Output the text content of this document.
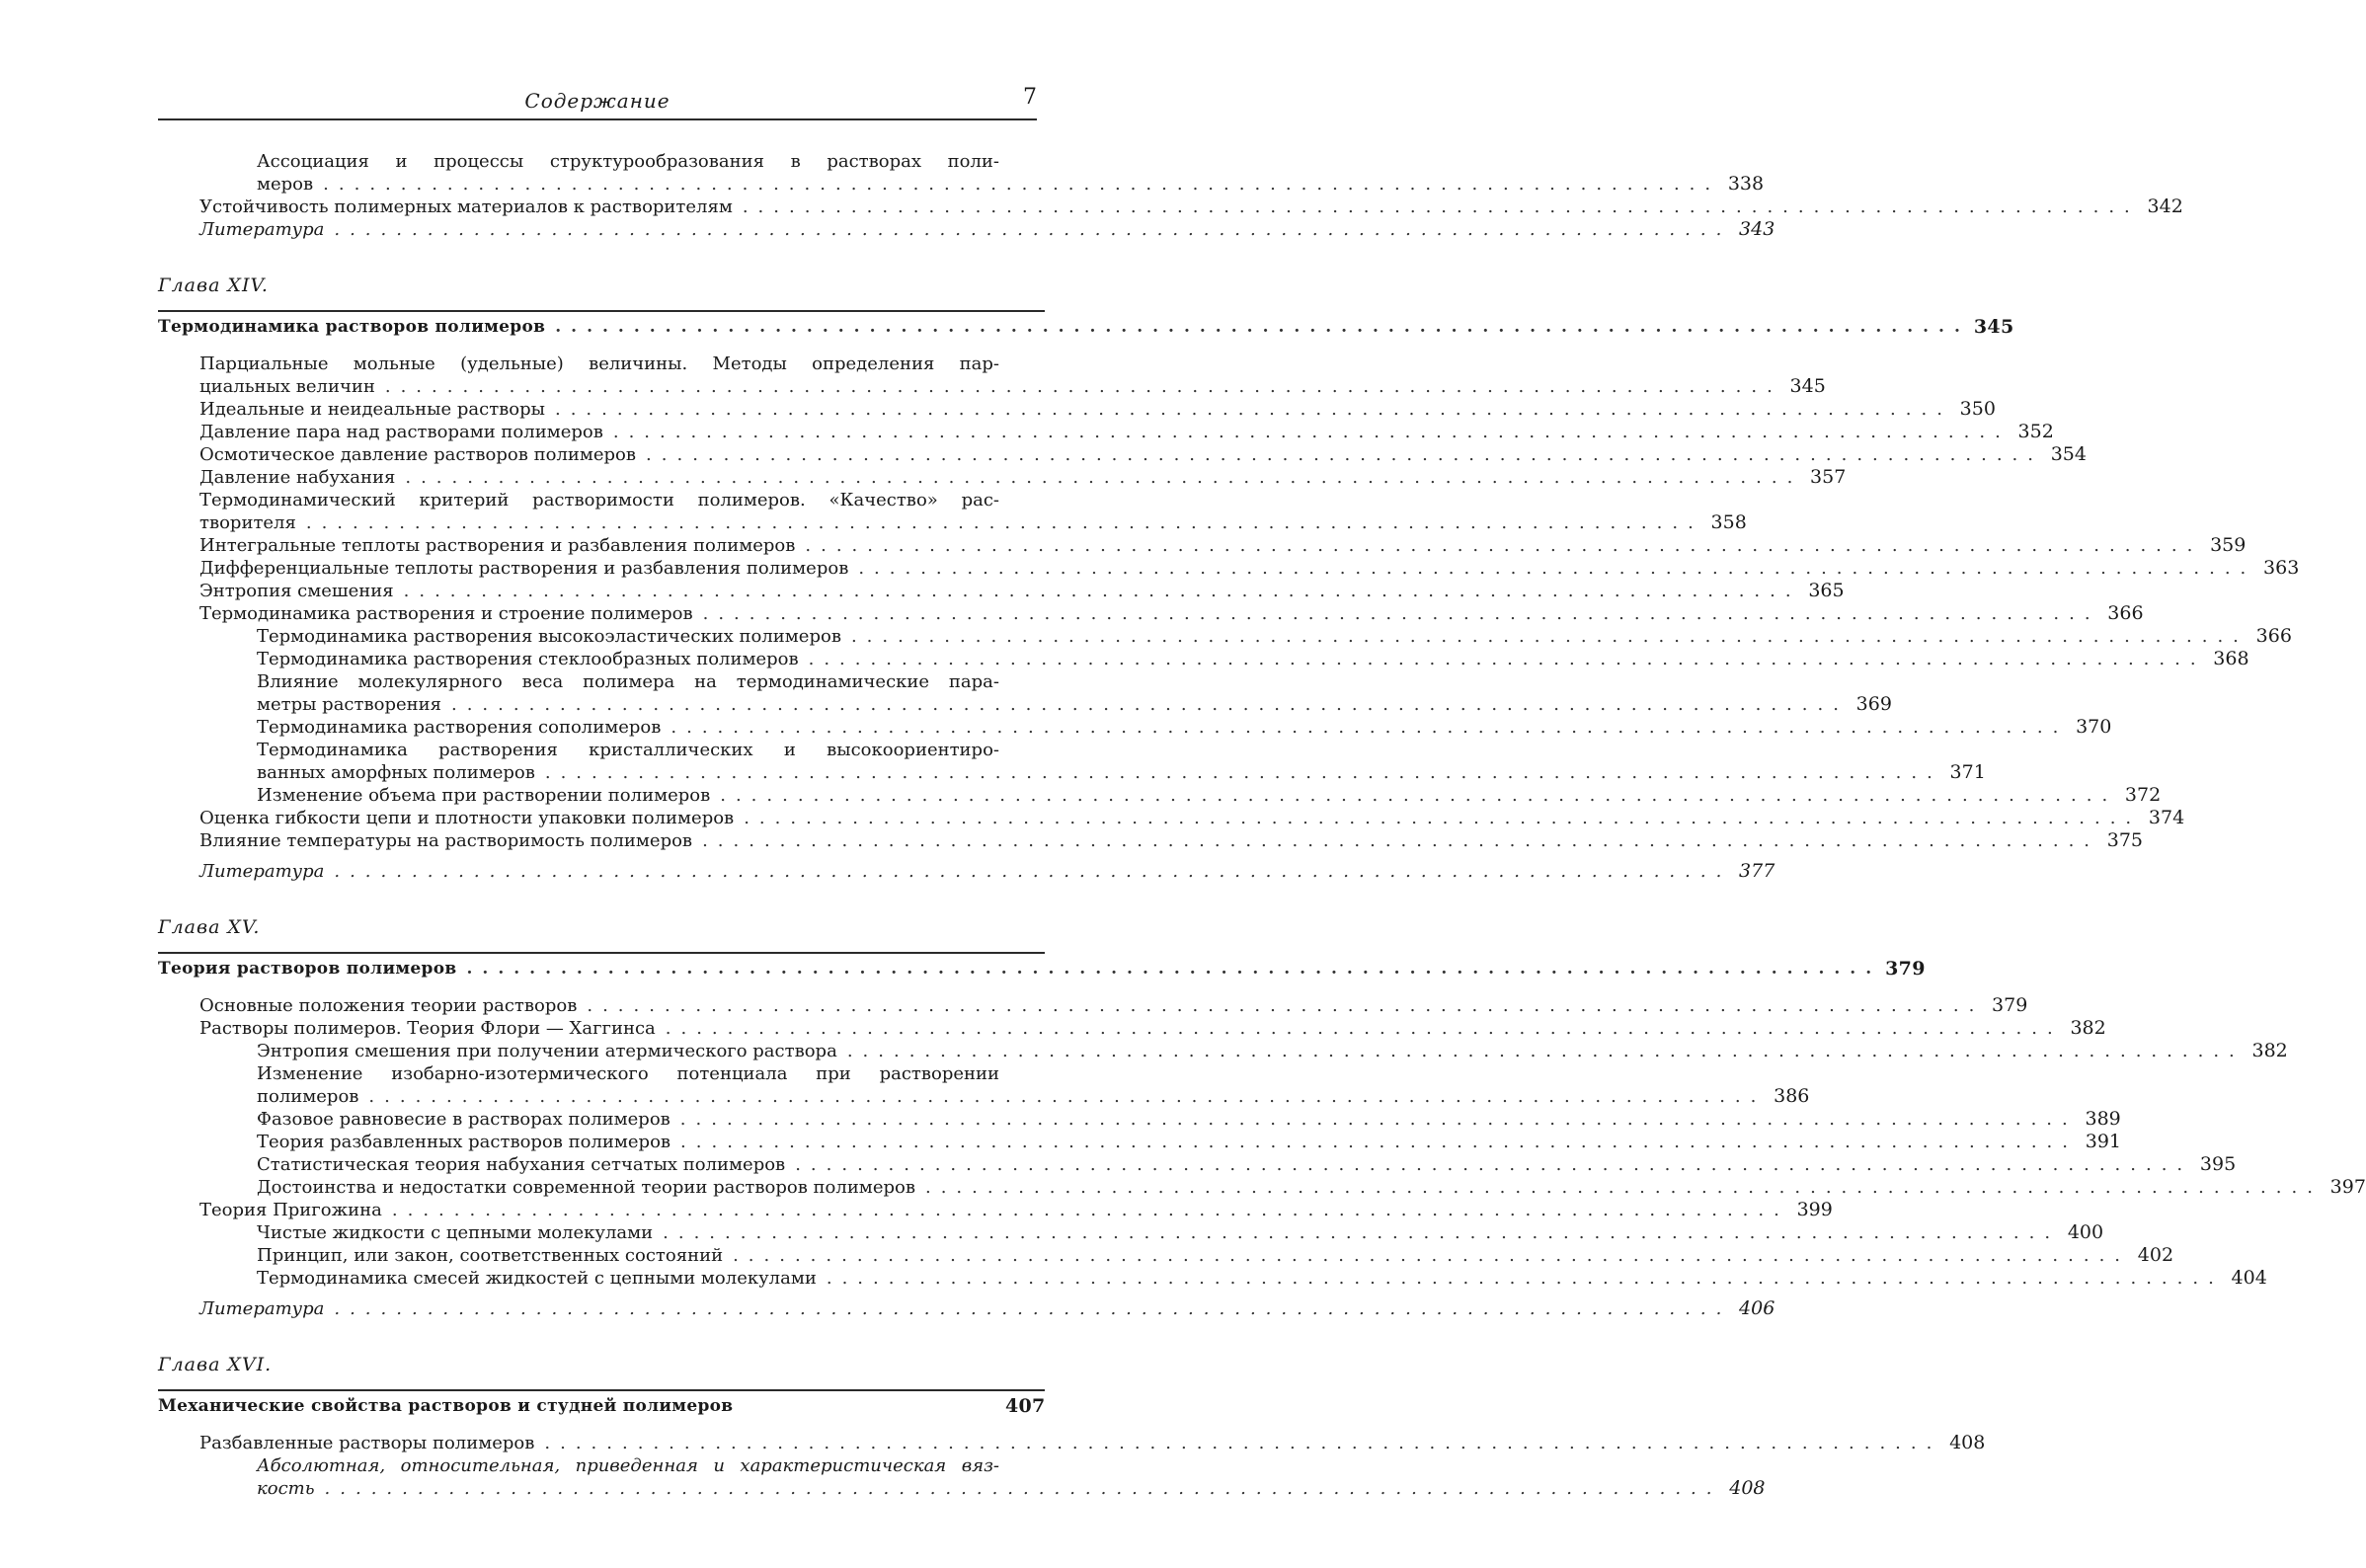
Содержание	7
Ассоциация и процессы структурообразования в растворах поли-
меров .......................................................................................... 338
Устойчивость полимерных материалов к растворителям .......................................................................................... 342
Литература .......................................................................................... 343
Глава XIV.
Термодинамика растворов полимеров .......................................................................................... 345
Парциальные мольные (удельные) величины. Методы определения пар-
циальных величин .......................................................................................... 345
Идеальные и неидеальные растворы .......................................................................................... 350
Давление пара над растворами полимеров .......................................................................................... 352
Осмотическое давление растворов полимеров .......................................................................................... 354
Давление набухания .......................................................................................... 357
Термодинамический критерий растворимости полимеров. «Качество» рас-
творителя .......................................................................................... 358
Интегральные теплоты растворения и разбавления полимеров .......................................................................................... 359
Дифференциальные теплоты растворения и разбавления полимеров .......................................................................................... 363
Энтропия смешения .......................................................................................... 365
Термодинамика растворения и строение полимеров .......................................................................................... 366
Термодинамика растворения высокоэластических полимеров .......................................................................................... 366
Термодинамика растворения стеклообразных полимеров .......................................................................................... 368
Влияние молекулярного веса полимера на термодинамические пара-
метры растворения .......................................................................................... 369
Термодинамика растворения сополимеров .......................................................................................... 370
Термодинамика растворения кристаллических и высокоориентиро-
ванных аморфных полимеров .......................................................................................... 371
Изменение объема при растворении полимеров .......................................................................................... 372
Оценка гибкости цепи и плотности упаковки полимеров .......................................................................................... 374
Влияние температуры на растворимость полимеров .......................................................................................... 375
Литература .......................................................................................... 377
Глава XV.
Теория растворов полимеров .......................................................................................... 379
Основные положения теории растворов .......................................................................................... 379
Растворы полимеров. Теория Флори — Хаггинса .......................................................................................... 382
Энтропия смешения при получении атермического раствора .......................................................................................... 382
Изменение изобарно-изотермического потенциала при растворении
полимеров .......................................................................................... 386
Фазовое равновесие в растворах полимеров .......................................................................................... 389
Теория разбавленных растворов полимеров .......................................................................................... 391
Статистическая теория набухания сетчатых полимеров .......................................................................................... 395
Достоинства и недостатки современной теории растворов полимеров .......................................................................................... 397
Теория Пригожина .......................................................................................... 399
Чистые жидкости с цепными молекулами .......................................................................................... 400
Принцип, или закон, соответственных состояний .......................................................................................... 402
Термодинамика смесей жидкостей с цепными молекулами .......................................................................................... 404
Литература .......................................................................................... 406
Глава XVI.
Механические свойства растворов и студней полимеров	407
Разбавленные растворы полимеров .......................................................................................... 408
Абсолютная, относительная, приведенная и характеристическая вяз-
кость .......................................................................................... 408
